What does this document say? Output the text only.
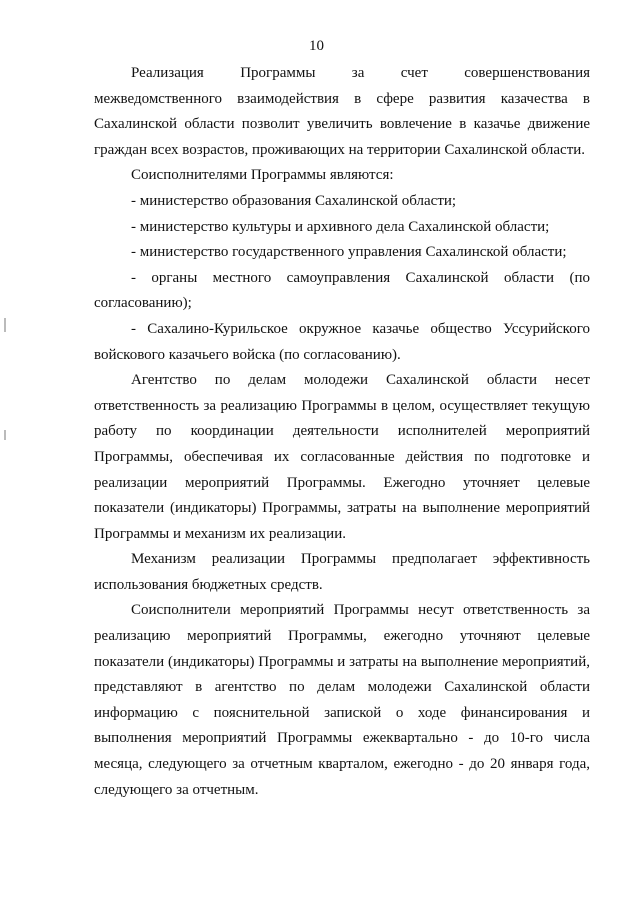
10

Реализация Программы за счет совершенствования межведомственного взаимодействия в сфере развития казачества в Сахалинской области позволит увеличить вовлечение в казачье движение граждан всех возрастов, проживающих на территории Сахалинской области.

Соисполнителями Программы являются:

- министерство образования Сахалинской области;

- министерство культуры и архивного дела Сахалинской области;

- министерство государственного управления Сахалинской области;

- органы местного самоуправления Сахалинской области (по согласованию);

- Сахалино-Курильское окружное казачье общество Уссурийского войскового казачьего войска (по согласованию).

Агентство по делам молодежи Сахалинской области несет ответственность за реализацию Программы в целом, осуществляет текущую работу по координации деятельности исполнителей мероприятий Программы, обеспечивая их согласованные действия по подготовке и реализации мероприятий Программы. Ежегодно уточняет целевые показатели (индикаторы) Программы, затраты на выполнение мероприятий Программы и механизм их реализации.

Механизм реализации Программы предполагает эффективность использования бюджетных средств.

Соисполнители мероприятий Программы несут ответственность за реализацию мероприятий Программы, ежегодно уточняют целевые показатели (индикаторы) Программы и затраты на выполнение мероприятий, представляют в агентство по делам молодежи Сахалинской области информацию с пояснительной запиской о ходе финансирования и выполнения мероприятий Программы ежеквартально - до 10-го числа месяца, следующего за отчетным кварталом, ежегодно - до 20 января года, следующего за отчетным.
